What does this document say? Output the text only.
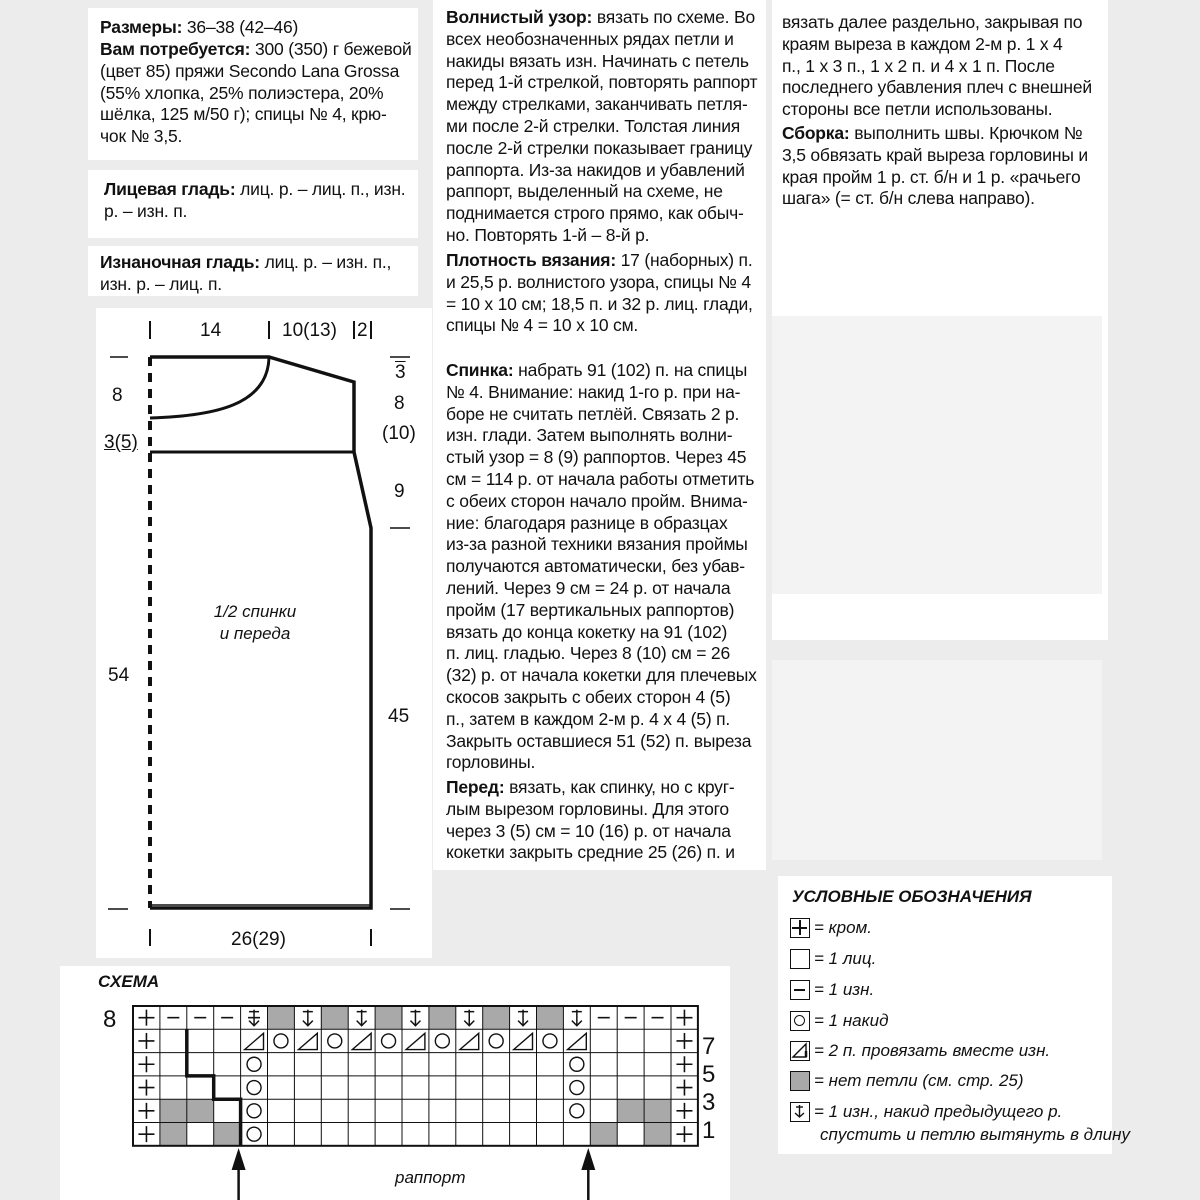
Размеры: 36–38 (42–46)
Вам потребуется: 300 (350) г бежевой
(цвет 85) пряжи Secondo Lana Grossa
(55% хлопка, 25% полиэстера, 20%
шёлка, 125 м/50 г); спицы № 4, крю-
чок № 3,5.
Лицевая гладь: лиц. р. – лиц. п., изн.
р. – изн. п.
Изнаночная гладь: лиц. р. – изн. п.,
изн. р. – лиц. п.
14	10(13) 2
8
3(5)
54
3
8
(10)
9
45
26(29)
1/2 спинки
и переда
Волнистый узор: вязать по схеме. Во
всех необозначенных рядах петли и
накиды вязать изн. Начинать с петель
перед 1-й стрелкой, повторять раппорт
между стрелками, заканчивать петля-
ми после 2-й стрелки. Толстая линия
после 2-й стрелки показывает границу
раппорта. Из-за накидов и убавлений
раппорт, выделенный на схеме, не
поднимается строго прямо, как обыч-
но. Повторять 1-й – 8-й р.
Плотность вязания: 17 (наборных) п.
и 25,5 р. волнистого узора, спицы № 4
= 10 х 10 см; 18,5 п. и 32 р. лиц. глади,
спицы № 4 = 10 х 10 см.
Спинка: набрать 91 (102) п. на спицы
№ 4. Внимание: накид 1-го р. при на-
боре не считать петлёй. Связать 2 р.
изн. глади. Затем выполнять волни-
стый узор = 8 (9) раппортов. Через 45
см = 114 р. от начала работы отметить
с обеих сторон начало пройм. Внима-
ние: благодаря разнице в образцах
из-за разной техники вязания проймы
получаются автоматически, без убав-
лений. Через 9 см = 24 р. от начала
пройм (17 вертикальных раппортов)
вязать до конца кокетку на 91 (102)
п. лиц. гладью. Через 8 (10) см = 26
(32) р. от начала кокетки для плечевых
скосов закрыть с обеих сторон 4 (5)
п., затем в каждом 2-м р. 4 х 4 (5) п.
Закрыть оставшиеся 51 (52) п. выреза
горловины.
Перед: вязать, как спинку, но с круг-
лым вырезом горловины. Для этого
через 3 (5) см = 10 (16) р. от начала
кокетки закрыть средние 25 (26) п. и
вязать далее раздельно, закрывая по
краям выреза в каждом 2-м р. 1 х 4
п., 1 х 3 п., 1 х 2 п. и 4 х 1 п. После
последнего убавления плеч с внешней
стороны все петли использованы.
Сборка: выполнить швы. Крючком №
3,5 обвязать край выреза горловины и
края пройм 1 р. ст. б/н и 1 р. «рачьего
шага» (= ст. б/н слева направо).
УСЛОВНЫЕ ОБОЗНАЧЕНИЯ
= кром.
= 1 лиц.
= 1 изн.
= 1 накид
= 2 п. провязать вместе изн.
= нет петли (см. стр. 25)
= 1 изн., накид предыдущего р.
спустить и петлю вытянуть в длину
СХЕМА
8
7
5
3
1
раппорт
